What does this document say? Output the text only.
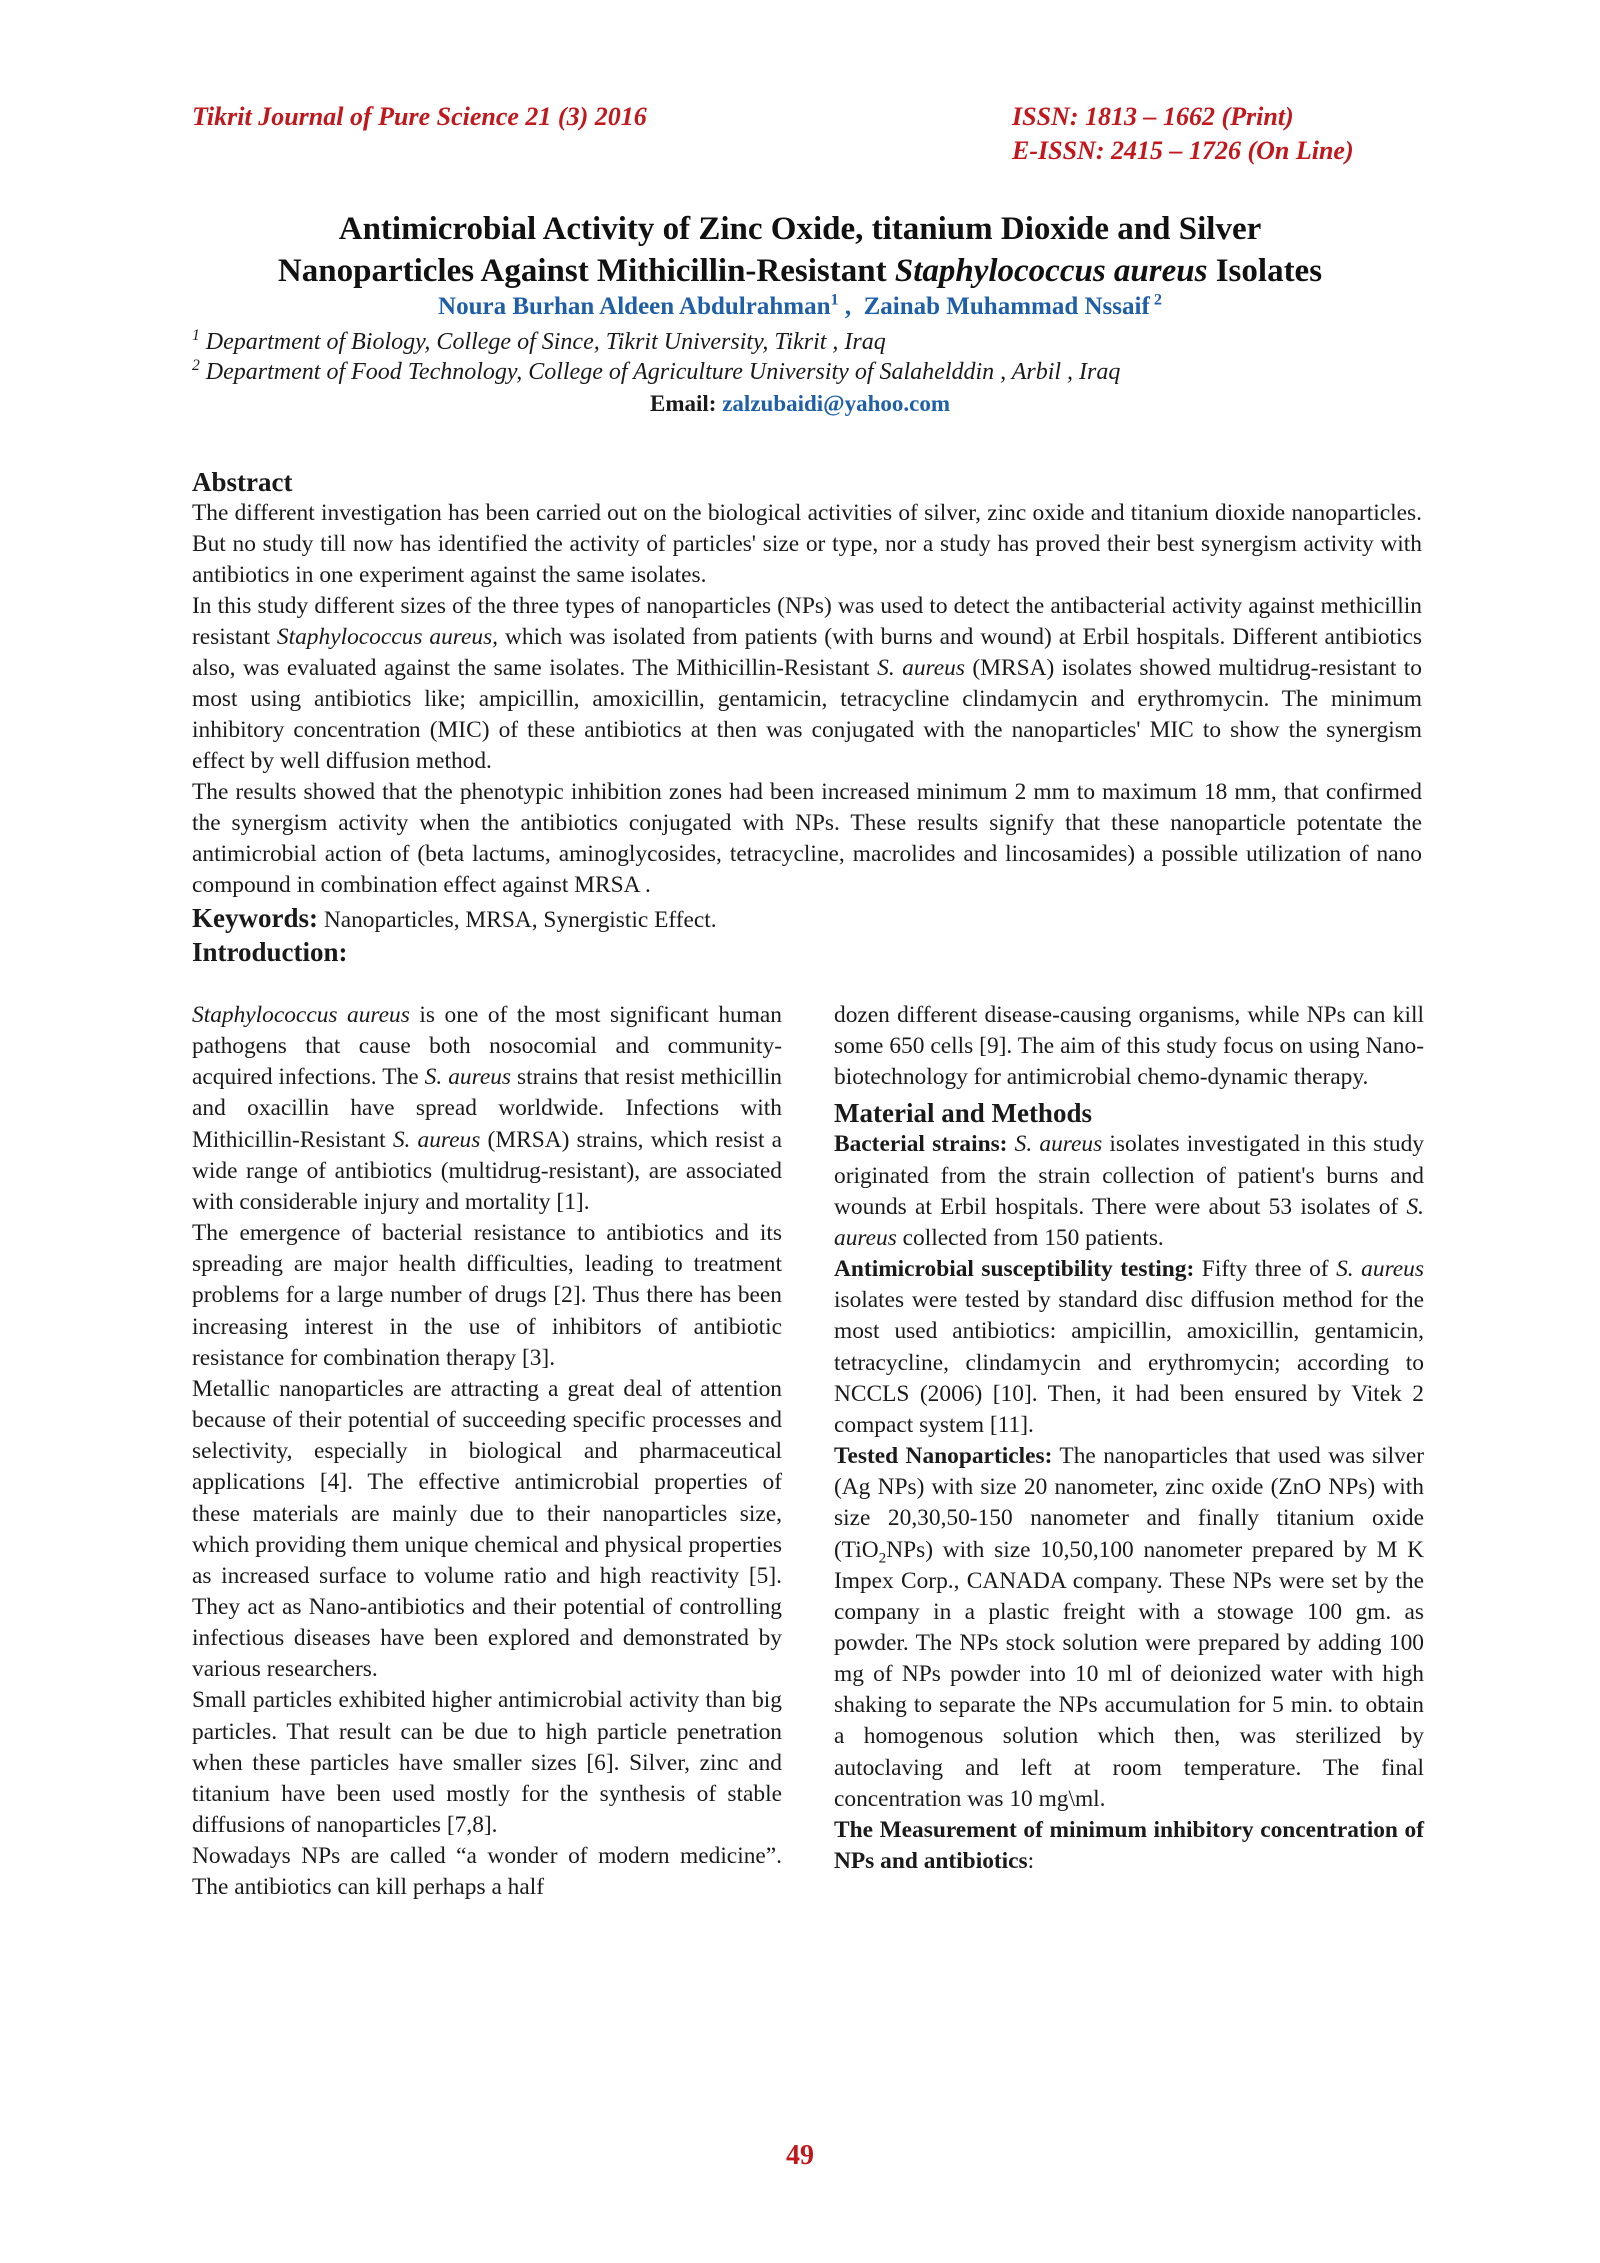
Tikrit Journal of Pure Science 21 (3) 2016	ISSN: 1813 – 1662 (Print)
E-ISSN: 2415 – 1726 (On Line)
Antimicrobial Activity of Zinc Oxide, titanium Dioxide and Silver
Nanoparticles Against Mithicillin-Resistant Staphylococcus aureus Isolates
Noura Burhan Aldeen Abdulrahman$^1$ ,  Zainab Muhammad Nssaif $^2$
$^1$ Department of Biology, College of Since, Tikrit University, Tikrit , Iraq
$^2$ Department of Food Technology, College of Agriculture University of Salahelddin , Arbil , Iraq
Email: zalzubaidi@yahoo.com
Abstract

The different investigation has been carried out on the biological activities of silver, zinc oxide and titanium dioxide nanoparticles. But no study till now has identified the activity of particles' size or type, nor a study has proved their best synergism activity with antibiotics in one experiment against the same isolates.

In this study different sizes of the three types of nanoparticles (NPs) was used to detect the antibacterial activity against methicillin resistant Staphylococcus aureus, which was isolated from patients (with burns and wound) at Erbil hospitals. Different antibiotics also, was evaluated against the same isolates. The Mithicillin-Resistant S. aureus (MRSA) isolates showed multidrug-resistant to most using antibiotics like; ampicillin, amoxicillin, gentamicin, tetracycline clindamycin and erythromycin. The minimum inhibitory concentration (MIC) of these antibiotics at then was conjugated with the nanoparticles' MIC to show the synergism effect by well diffusion method.

The results showed that the phenotypic inhibition zones had been increased minimum 2 mm to maximum 18 mm, that confirmed the synergism activity when the antibiotics conjugated with NPs. These results signify that these nanoparticle potentate the antimicrobial action of (beta lactums, aminoglycosides, tetracycline, macrolides and lincosamides) a possible utilization of nano compound in combination effect against MRSA .

Keywords: Nanoparticles, MRSA, Synergistic Effect.

Introduction:

Staphylococcus aureus is one of the most significant human pathogens that cause both nosocomial and community-acquired infections. The S. aureus strains that resist methicillin and oxacillin have spread worldwide. Infections with Mithicillin-Resistant S. aureus (MRSA) strains, which resist a wide range of antibiotics (multidrug-resistant), are associated with considerable injury and mortality [1].

The emergence of bacterial resistance to antibiotics and its spreading are major health difficulties, leading to treatment problems for a large number of drugs [2]. Thus there has been increasing interest in the use of inhibitors of antibiotic resistance for combination therapy [3].

Metallic nanoparticles are attracting a great deal of attention because of their potential of succeeding specific processes and selectivity, especially in biological and pharmaceutical applications [4]. The effective antimicrobial properties of these materials are mainly due to their nanoparticles size, which providing them unique chemical and physical properties as increased surface to volume ratio and high reactivity [5]. They act as Nano-antibiotics and their potential of controlling infectious diseases have been explored and demonstrated by various researchers.

Small particles exhibited higher antimicrobial activity than big particles. That result can be due to high particle penetration when these particles have smaller sizes [6]. Silver, zinc and titanium have been used mostly for the synthesis of stable diffusions of nanoparticles [7,8].

Nowadays NPs are called “a wonder of modern medicine”. The antibiotics can kill perhaps a half

dozen different disease-causing organisms, while NPs can kill some 650 cells [9]. The aim of this study focus on using Nano-biotechnology for antimicrobial chemo-dynamic therapy.

Material and Methods

Bacterial strains: S. aureus isolates investigated in this study originated from the strain collection of patient's burns and wounds at Erbil hospitals. There were about 53 isolates of S. aureus collected from 150 patients.

Antimicrobial susceptibility testing: Fifty three of S. aureus isolates were tested by standard disc diffusion method for the most used antibiotics: ampicillin, amoxicillin, gentamicin, tetracycline, clindamycin and erythromycin; according to NCCLS (2006) [10]. Then, it had been ensured by Vitek 2 compact system [11].

Tested Nanoparticles: The nanoparticles that used was silver (Ag NPs) with size 20 nanometer, zinc oxide (ZnO NPs) with size 20,30,50-150 nanometer and finally titanium oxide (TiO$_2$NPs) with size 10,50,100 nanometer prepared by M K Impex Corp., CANADA company. These NPs were set by the company in a plastic freight with a stowage 100 gm. as powder. The NPs stock solution were prepared by adding 100 mg of NPs powder into 10 ml of deionized water with high shaking to separate the NPs accumulation for 5 min. to obtain a homogenous solution which then, was sterilized by autoclaving and left at room temperature. The final concentration was 10 mg\ml.

The Measurement of minimum inhibitory concentration of NPs and antibiotics:

49
